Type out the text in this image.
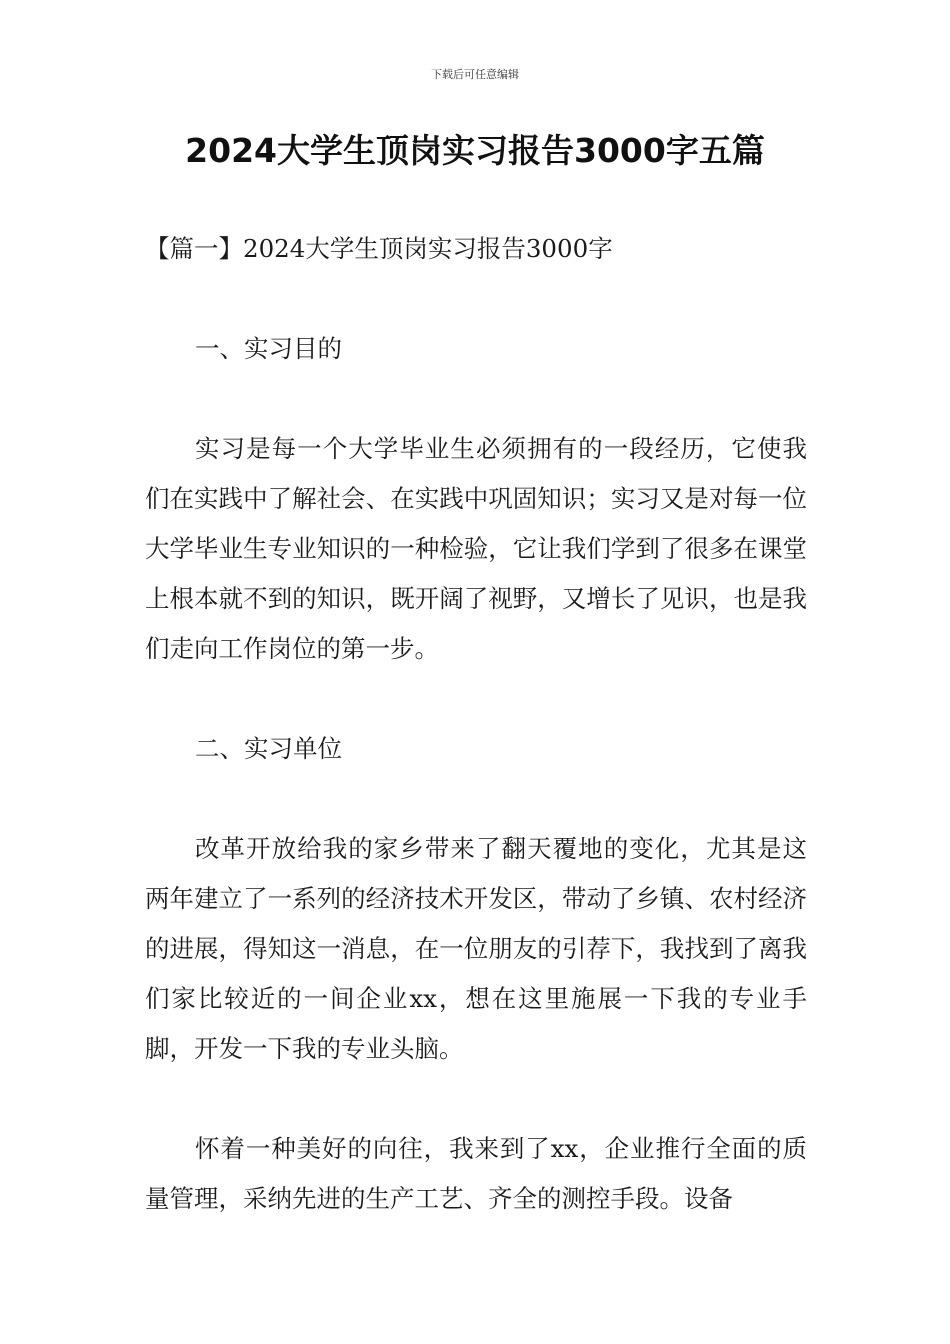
下载后可任意编辑
2024大学生顶岗实习报告3000字五篇

【篇一】2024大学生顶岗实习报告3000字

一、实习目的

实习是每一个大学毕业生必须拥有的一段经历，它使我们在实践中了解社会、在实践中巩固知识；实习又是对每一位大学毕业生专业知识的一种检验，它让我们学到了很多在课堂上根本就不到的知识，既开阔了视野，又增长了见识，也是我们走向工作岗位的第一步。

二、实习单位

改革开放给我的家乡带来了翻天覆地的变化，尤其是这两年建立了一系列的经济技术开发区，带动了乡镇、农村经济的进展，得知这一消息，在一位朋友的引荐下，我找到了离我们家比较近的一间企业xx，想在这里施展一下我的专业手脚，开发一下我的专业头脑。

怀着一种美好的向往，我来到了xx，企业推行全面的质量管理，采纳先进的生产工艺、齐全的测控手段。设备
